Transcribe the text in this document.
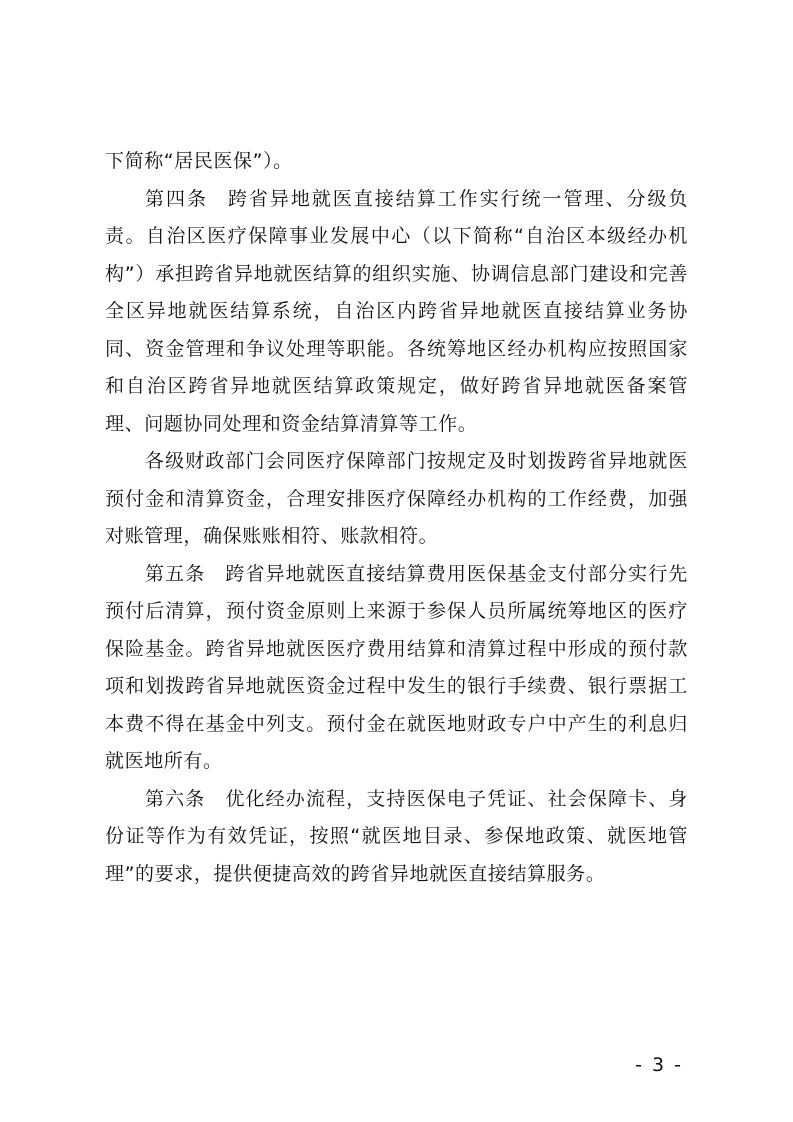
下简称“居民医保”）。

第四条 跨省异地就医直接结算工作实行统一管理、分级负责。自治区医疗保障事业发展中心（以下简称“自治区本级经办机构”）承担跨省异地就医结算的组织实施、协调信息部门建设和完善全区异地就医结算系统，自治区内跨省异地就医直接结算业务协同、资金管理和争议处理等职能。各统筹地区经办机构应按照国家和自治区跨省异地就医结算政策规定，做好跨省异地就医备案管理、问题协同处理和资金结算清算等工作。

各级财政部门会同医疗保障部门按规定及时划拨跨省异地就医预付金和清算资金，合理安排医疗保障经办机构的工作经费，加强对账管理，确保账账相符、账款相符。

第五条 跨省异地就医直接结算费用医保基金支付部分实行先预付后清算，预付资金原则上来源于参保人员所属统筹地区的医疗保险基金。跨省异地就医医疗费用结算和清算过程中形成的预付款项和划拨跨省异地就医资金过程中发生的银行手续费、银行票据工本费不得在基金中列支。预付金在就医地财政专户中产生的利息归就医地所有。

第六条 优化经办流程，支持医保电子凭证、社会保障卡、身份证等作为有效凭证，按照“就医地目录、参保地政策、就医地管理”的要求，提供便捷高效的跨省异地就医直接结算服务。

- 3 -
